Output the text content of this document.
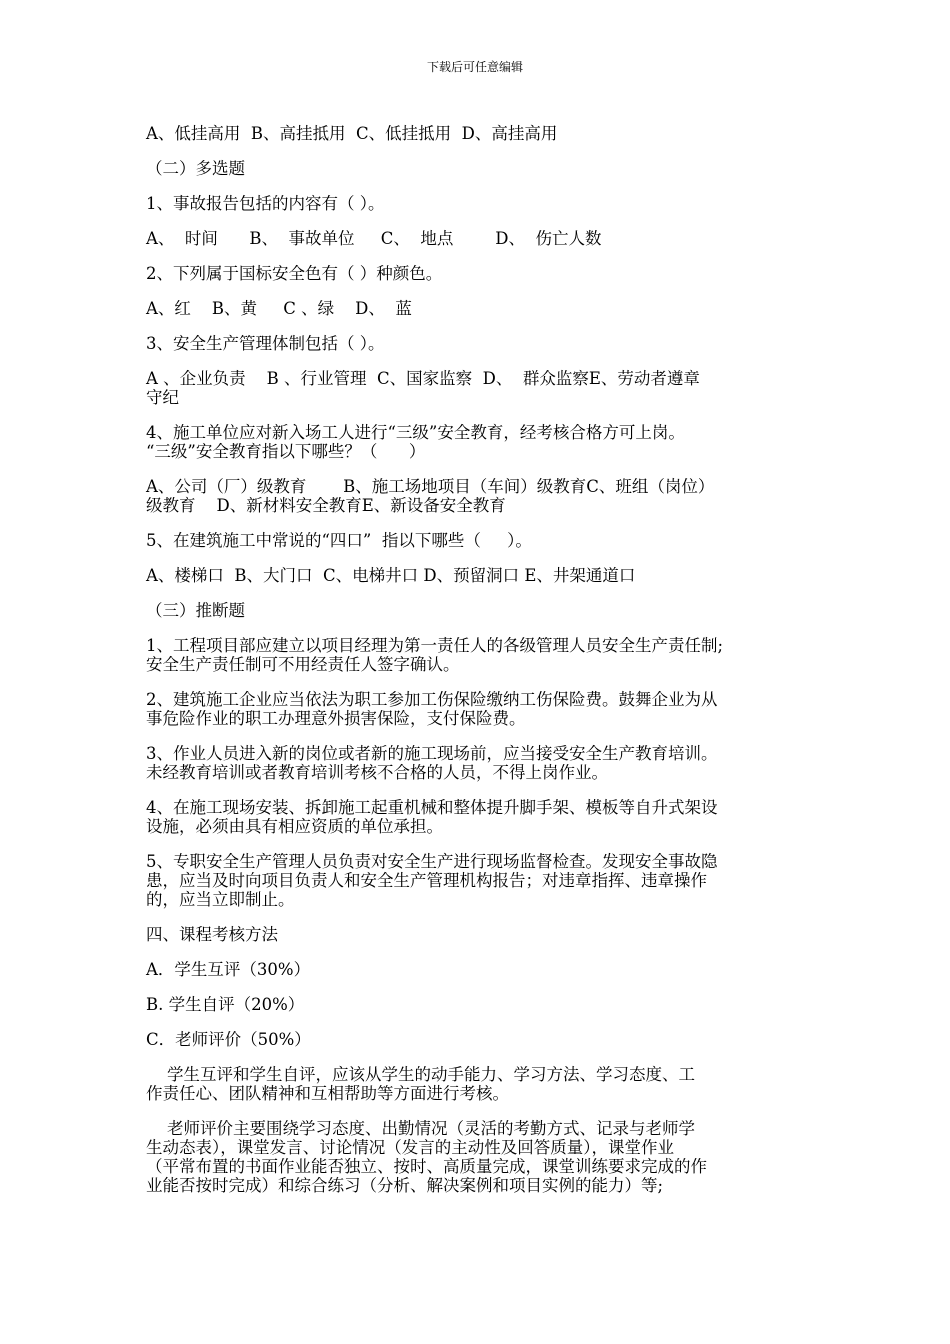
下载后可任意编辑
A、低挂高用  B、高挂抵用  C、低挂抵用  D、高挂高用
（二）多选题
1、事故报告包括的内容有（ ）。
A、  时间      B、  事故单位     C、  地点        D、  伤亡人数
2、下列属于国标安全色有（ ）种颜色。
A、红    B、黄     C 、绿    D、  蓝
3、安全生产管理体制包括（ ）。
A 、企业负责    B 、行业管理  C、国家监察  D、  群众监察E、劳动者遵章
守纪
4、施工单位应对新入场工人进行“三级”安全教育，经考核合格方可上岗。
“三级”安全教育指以下哪些？（      ）
A、公司（厂）级教育       B、施工场地项目（车间）级教育C、班组（岗位）
级教育    D、新材料安全教育E、新设备安全教育
5、在建筑施工中常说的“四口”  指以下哪些（     ）。
A、楼梯口  B、大门口  C、电梯井口 D、预留洞口 E、井架通道口
（三）推断题
1、工程项目部应建立以项目经理为第一责任人的各级管理人员安全生产责任制;
安全生产责任制可不用经责任人签字确认。
2、建筑施工企业应当依法为职工参加工伤保险缴纳工伤保险费。鼓舞企业为从
事危险作业的职工办理意外损害保险，支付保险费。
3、作业人员进入新的岗位或者新的施工现场前，应当接受安全生产教育培训。
未经教育培训或者教育培训考核不合格的人员，不得上岗作业。
4、在施工现场安装、拆卸施工起重机械和整体提升脚手架、模板等自升式架设
设施，必须由具有相应资质的单位承担。
5、专职安全生产管理人员负责对安全生产进行现场监督检查。发现安全事故隐
患，应当及时向项目负责人和安全生产管理机构报告；对违章指挥、违章操作
的，应当立即制止。
四、课程考核方法
A．学生互评（30%）
B. 学生自评（20%）
C．老师评价（50%）
学生互评和学生自评，应该从学生的动手能力、学习方法、学习态度、工
作责任心、团队精神和互相帮助等方面进行考核。
老师评价主要围绕学习态度、出勤情况（灵活的考勤方式、记录与老师学
生动态表），课堂发言、讨论情况（发言的主动性及回答质量），课堂作业
（平常布置的书面作业能否独立、按时、高质量完成，课堂训练要求完成的作
业能否按时完成）和综合练习（分析、解决案例和项目实例的能力）等;
